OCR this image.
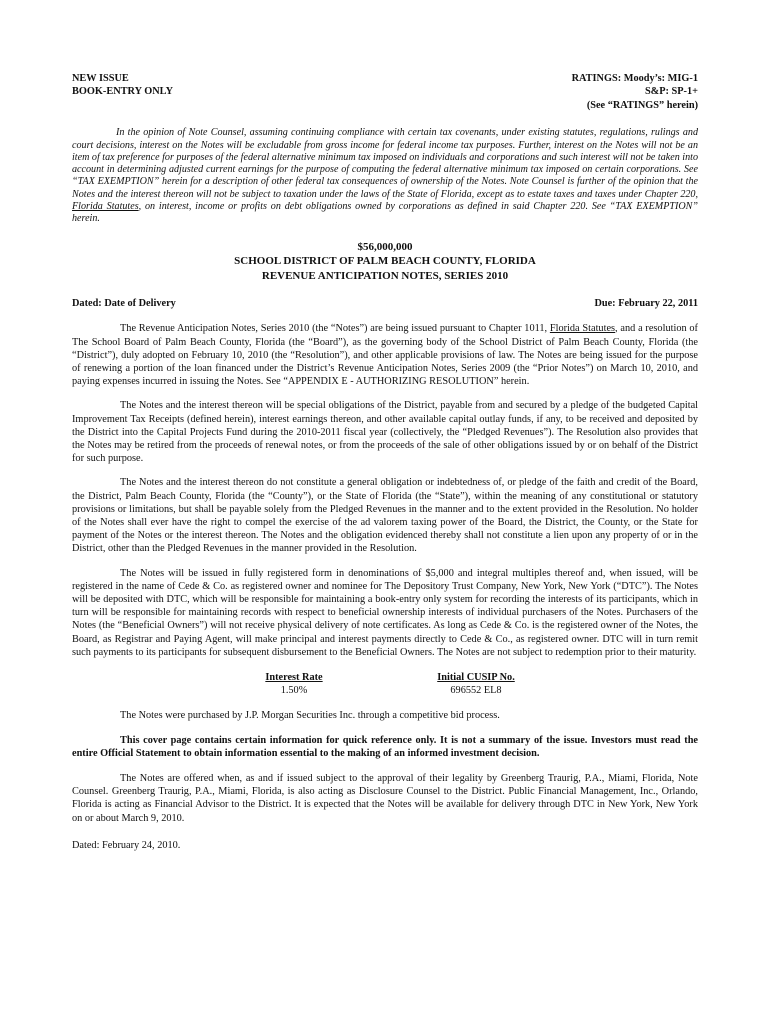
NEW ISSUE
BOOK-ENTRY ONLY
RATINGS: Moody’s: MIG-1
S&P: SP-1+
(See “RATINGS” herein)
In the opinion of Note Counsel, assuming continuing compliance with certain tax covenants, under existing statutes, regulations, rulings and court decisions, interest on the Notes will be excludable from gross income for federal income tax purposes. Further, interest on the Notes will not be an item of tax preference for purposes of the federal alternative minimum tax imposed on individuals and corporations and such interest will not be taken into account in determining adjusted current earnings for the purpose of computing the federal alternative minimum tax imposed on certain corporations. See “TAX EXEMPTION” herein for a description of other federal tax consequences of ownership of the Notes. Note Counsel is further of the opinion that the Notes and the interest thereon will not be subject to taxation under the laws of the State of Florida, except as to estate taxes and taxes under Chapter 220, Florida Statutes, on interest, income or profits on debt obligations owned by corporations as defined in said Chapter 220. See “TAX EXEMPTION” herein.
$56,000,000
SCHOOL DISTRICT OF PALM BEACH COUNTY, FLORIDA
REVENUE ANTICIPATION NOTES, SERIES 2010
Dated: Date of Delivery	Due: February 22, 2011

The Revenue Anticipation Notes, Series 2010 (the “Notes”) are being issued pursuant to Chapter 1011, Florida Statutes, and a resolution of The School Board of Palm Beach County, Florida (the “Board”), as the governing body of the School District of Palm Beach County, Florida (the “District”), duly adopted on February 10, 2010 (the “Resolution”), and other applicable provisions of law. The Notes are being issued for the purpose of renewing a portion of the loan financed under the District’s Revenue Anticipation Notes, Series 2009 (the “Prior Notes”) on March 10, 2010, and paying expenses incurred in issuing the Notes. See “APPENDIX E - AUTHORIZING RESOLUTION” herein.

The Notes and the interest thereon will be special obligations of the District, payable from and secured by a pledge of the budgeted Capital Improvement Tax Receipts (defined herein), interest earnings thereon, and other available capital outlay funds, if any, to be received and deposited by the District into the Capital Projects Fund during the 2010-2011 fiscal year (collectively, the “Pledged Revenues”). The Resolution also provides that the Notes may be retired from the proceeds of renewal notes, or from the proceeds of the sale of other obligations issued by or on behalf of the District for such purpose.

The Notes and the interest thereon do not constitute a general obligation or indebtedness of, or pledge of the faith and credit of the Board, the District, Palm Beach County, Florida (the “County”), or the State of Florida (the “State”), within the meaning of any constitutional or statutory provisions or limitations, but shall be payable solely from the Pledged Revenues in the manner and to the extent provided in the Resolution. No holder of the Notes shall ever have the right to compel the exercise of the ad valorem taxing power of the Board, the District, the County, or the State for payment of the Notes or the interest thereon. The Notes and the obligation evidenced thereby shall not constitute a lien upon any property of or in the District, other than the Pledged Revenues in the manner provided in the Resolution.

The Notes will be issued in fully registered form in denominations of $5,000 and integral multiples thereof and, when issued, will be registered in the name of Cede & Co. as registered owner and nominee for The Depository Trust Company, New York, New York (“DTC”). The Notes will be deposited with DTC, which will be responsible for maintaining a book-entry only system for recording the interests of its participants, which in turn will be responsible for maintaining records with respect to beneficial ownership interests of individual purchasers of the Notes. Purchasers of the Notes (the “Beneficial Owners”) will not receive physical delivery of note certificates. As long as Cede & Co. is the registered owner of the Notes, the Board, as Registrar and Paying Agent, will make principal and interest payments directly to Cede & Co., as registered owner. DTC will in turn remit such payments to its participants for subsequent disbursement to the Beneficial Owners. The Notes are not subject to redemption prior to their maturity.

Interest Rate
1.50%
Initial CUSIP No.
696552 EL8

The Notes were purchased by J.P. Morgan Securities Inc. through a competitive bid process.

This cover page contains certain information for quick reference only. It is not a summary of the issue. Investors must read the entire Official Statement to obtain information essential to the making of an informed investment decision.

The Notes are offered when, as and if issued subject to the approval of their legality by Greenberg Traurig, P.A., Miami, Florida, Note Counsel. Greenberg Traurig, P.A., Miami, Florida, is also acting as Disclosure Counsel to the District. Public Financial Management, Inc., Orlando, Florida is acting as Financial Advisor to the District. It is expected that the Notes will be available for delivery through DTC in New York, New York on or about March 9, 2010.

Dated: February 24, 2010.
